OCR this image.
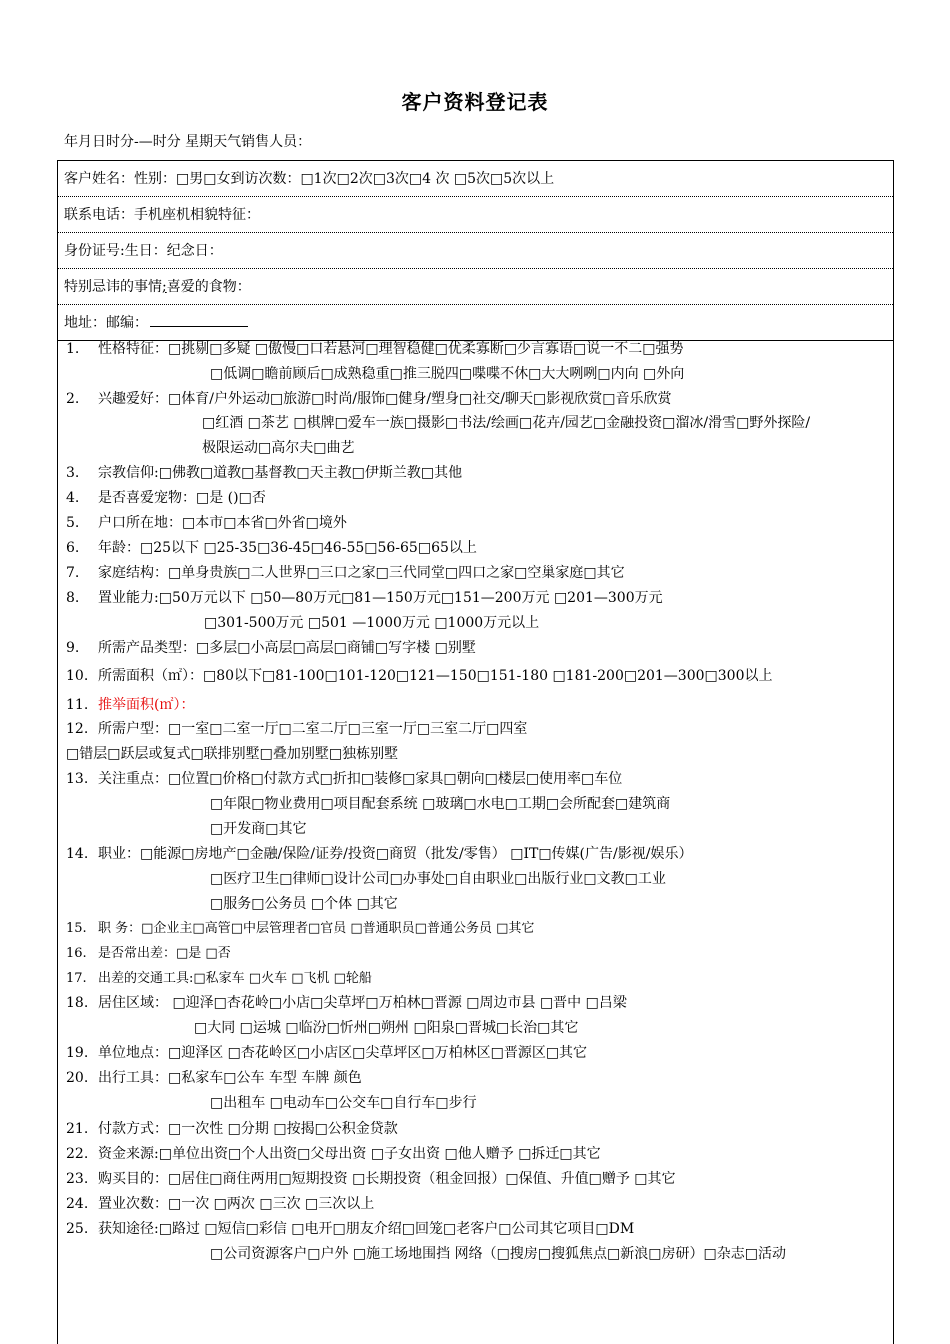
客户资料登记表
年月日时分-—时分 星期天气销售人员：
客户姓名：性别：□男□女到访次数：□1次□2次□3次□4 次 □5次□5次以上
联系电话：手机座机相貌特征：
身份证号:生日：纪念日：
特别忌讳的事情;喜爱的食物：
地址：邮编：
1. 性格特征：□挑剔□多疑 □傲慢□口若悬河□理智稳健□优柔寡断□少言寡语□说一不二□强势
□低调□瞻前顾后□成熟稳重□推三脱四□喋喋不休□大大咧咧□内向 □外向
2. 兴趣爱好：□体育/户外运动□旅游□时尚/服饰□健身/塑身□社交/聊天□影视欣赏□音乐欣赏
□红酒 □茶艺 □棋牌□爱车一族□摄影□书法/绘画□花卉/园艺□金融投资□溜冰/滑雪□野外探险/
极限运动□高尔夫□曲艺
3. 宗教信仰:□佛教□道教□基督教□天主教□伊斯兰教□其他
4. 是否喜爱宠物：□是 ()□否
5. 户口所在地：□本市□本省□外省□境外
6. 年龄：□25以下 □25-35□36-45□46-55□56-65□65以上
7. 家庭结构：□单身贵族□二人世界□三口之家□三代同堂□四口之家□空巢家庭□其它
8. 置业能力:□50万元以下 □50—80万元□81—150万元□151—200万元 □201—300万元
□301-500万元 □501 —1000万元 □1000万元以上
9. 所需产品类型：□多层□小高层□高层□商铺□写字楼 □别墅
10. 所需面积（㎡）：□80以下□81-100□101-120□121—150□151-180 □181-200□201—300□300以上
11. 推举面积(㎡）：
12. 所需户型：□一室□二室一厅□二室二厅□三室一厅□三室二厅□四室
□错层□跃层或复式□联排别墅□叠加别墅□独栋别墅
13. 关注重点：□位置□价格□付款方式□折扣□装修□家具□朝向□楼层□使用率□车位
□年限□物业费用□项目配套系统 □玻璃□水电□工期□会所配套□建筑商
□开发商□其它
14. 职业：□能源□房地产□金融/保险/证券/投资□商贸（批发/零售） □IT□传媒(广告/影视/娱乐）
□医疗卫生□律师□设计公司□办事处□自由职业□出版行业□文教□工业
□服务□公务员 □个体 □其它
15. 职 务：□企业主□高管□中层管理者□官员 □普通职员□普通公务员 □其它
16. 是否常出差：□是 □否
17. 出差的交通工具:□私家车 □火车 □飞机 □轮船
18. 居住区域： □迎泽□杏花岭□小店□尖草坪□万柏林□晋源 □周边市县 □晋中 □吕梁
□大同 □运城 □临汾□忻州□朔州 □阳泉□晋城□长治□其它
19. 单位地点：□迎泽区 □杏花岭区□小店区□尖草坪区□万柏林区□晋源区□其它
20. 出行工具：□私家车□公车 车型 车牌 颜色
□出租车 □电动车□公交车□自行车□步行
21. 付款方式：□一次性 □分期 □按揭□公积金贷款
22. 资金来源:□单位出资□个人出资□父母出资 □子女出资 □他人赠予 □拆迁□其它
23. 购买目的：□居住□商住两用□短期投资 □长期投资（租金回报）□保值、升值□赠予 □其它
24. 置业次数：□一次 □两次 □三次 □三次以上
25. 获知途径:□路过 □短信□彩信 □电开□朋友介绍□回笼□老客户□公司其它项目□DM
□公司资源客户□户外 □施工场地围挡 网络（□搜房□搜狐焦点□新浪□房研）□杂志□活动
